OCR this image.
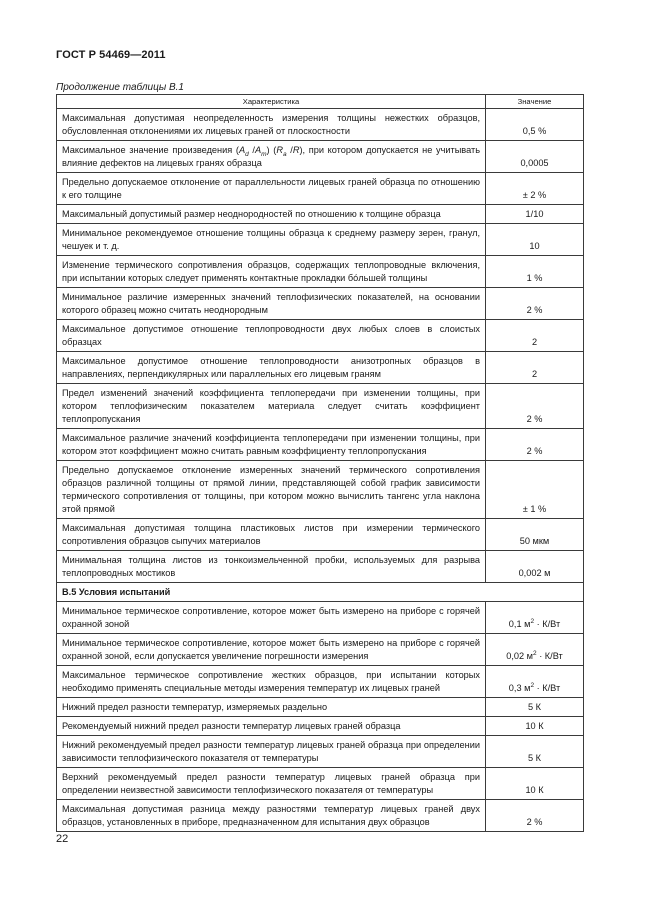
ГОСТ Р 54469—2011
Продолжение таблицы В.1
Характеристика	Значение
Максимальная допустимая неопределенность измерения толщины нежестких образцов, обусловленная отклонениями их лицевых граней от плоскостности	0,5 %
Максимальное значение произведения ($A_d$ $/A_m$) ($R_a$ /R), при котором допускается не учитывать влияние дефектов на лицевых гранях образца	0,0005
Предельно допускаемое отклонение от параллельности лицевых граней образца по отношению к его толщине	± 2 %
Максимальный допустимый размер неоднородностей по отношению к толщине образца	1/10
Минимальное рекомендуемое отношение толщины образца к среднему размеру зерен, гранул, чешуек и т. д.	10
Изменение термического сопротивления образцов, содержащих теплопроводные включения, при испытании которых следует применять контактные прокладки бо́льшей толщины	1 %
Минимальное различие измеренных значений теплофизических показателей, на основании которого образец можно считать неоднородным	2 %
Максимальное допустимое отношение теплопроводности двух любых слоев в слоистых образцах	2
Максимальное допустимое отношение теплопроводности анизотропных образцов в направлениях, перпендикулярных или параллельных его лицевым граням	2
Предел изменений значений коэффициента теплопередачи при изменении толщины, при котором теплофизическим показателем материала следует считать коэффициент теплопропускания	2 %
Максимальное различие значений коэффициента теплопередачи при изменении толщины, при котором этот коэффициент можно считать равным коэффициенту теплопропускания	2 %
Предельно допускаемое отклонение измеренных значений термического сопротивления образцов различной толщины от прямой линии, представляющей собой график зависимости термического сопротивления от толщины, при котором можно вычислить тангенс угла наклона этой прямой	± 1 %
Максимальная допустимая толщина пластиковых листов при измерении термического сопротивления образцов сыпучих материалов	50 мкм
Минимальная толщина листов из тонкоизмельченной пробки, используемых для разрыва теплопроводных мостиков	0,002 м
В.5 Условия испытаний	
Минимальное термическое сопротивление, которое может быть измерено на приборе с горячей охранной зоной	0,1 $м^2 \cdot К/Вт$
Минимальное термическое сопротивление, которое может быть измерено на приборе с горячей охранной зоной, если допускается увеличение погрешности измерения	0,02 $м^2 \cdot К/Вт$
Максимальное термическое сопротивление жестких образцов, при испытании которых необходимо применять специальные методы измерения температур их лицевых граней	0,3 $м^2 \cdot К/Вт$
Нижний предел разности температур, измеряемых раздельно	5 К
Рекомендуемый нижний предел разности температур лицевых граней образца	10 К
Нижний рекомендуемый предел разности температур лицевых граней образца при определении зависимости теплофизического показателя от температуры	5 К
Верхний рекомендуемый предел разности температур лицевых граней образца при определении неизвестной зависимости теплофизического показателя от температуры	10 К
Максимальная допустимая разница между разностями температур лицевых граней двух образцов, установленных в приборе, предназначенном для испытания двух образцов	2 %
22
